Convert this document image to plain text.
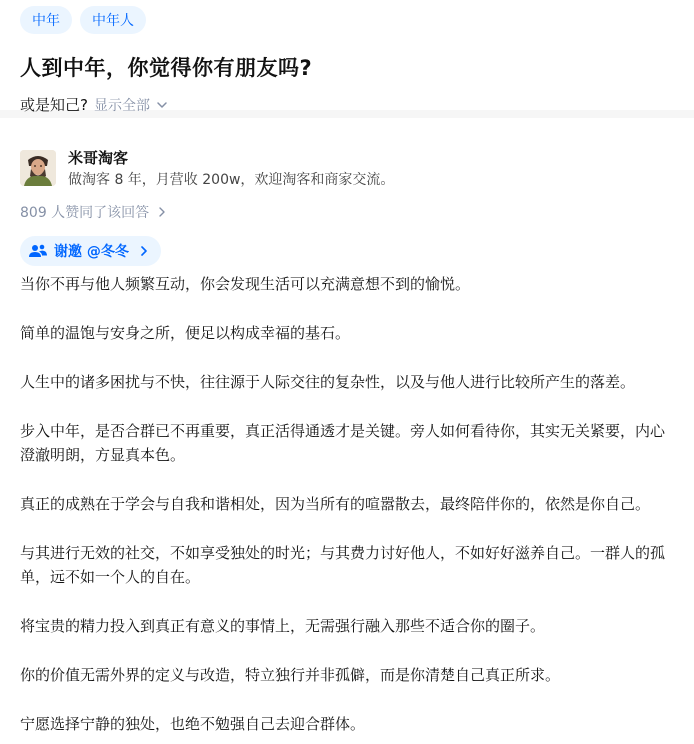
中年	中年人
人到中年，你觉得你有朋友吗?
或是知己? 显示全部
米哥淘客
做淘客 8 年，月营收 200w，欢迎淘客和商家交流。
809 人赞同了该回答
谢邀 @冬冬

当你不再与他人频繁互动，你会发现生活可以充满意想不到的愉悦。

简单的温饱与安身之所，便足以构成幸福的基石。

人生中的诸多困扰与不快，往往源于人际交往的复杂性，以及与他人进行比较所产生的落差。

步入中年，是否合群已不再重要，真正活得通透才是关键。旁人如何看待你，其实无关紧要，内心澄澈明朗，方显真本色。

真正的成熟在于学会与自我和谐相处，因为当所有的喧嚣散去，最终陪伴你的，依然是你自己。

与其进行无效的社交，不如享受独处的时光；与其费力讨好他人，不如好好滋养自己。一群人的孤单，远不如一个人的自在。

将宝贵的精力投入到真正有意义的事情上，无需强行融入那些不适合你的圈子。

你的价值无需外界的定义与改造，特立独行并非孤僻，而是你清楚自己真正所求。

宁愿选择宁静的独处，也绝不勉强自己去迎合群体。
